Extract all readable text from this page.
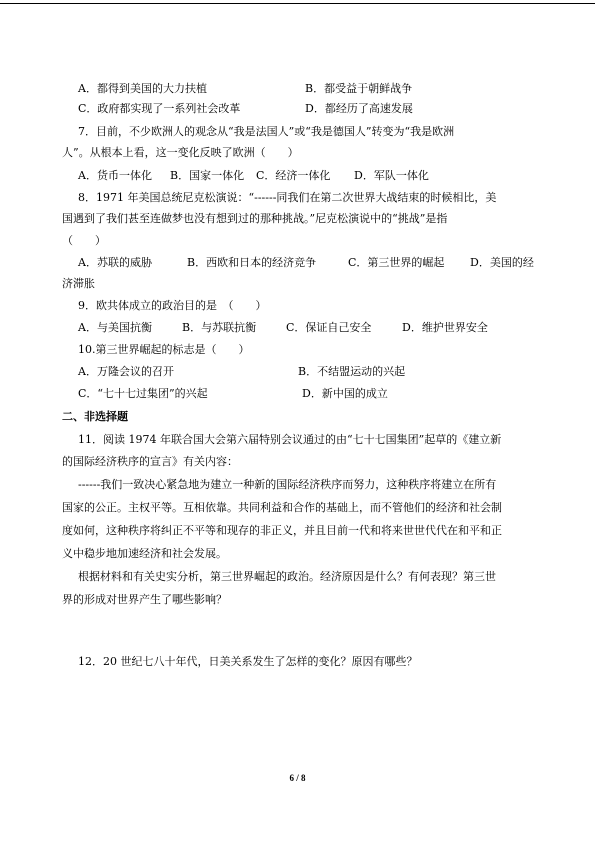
A．都得到美国的大力扶植	B．都受益于朝鲜战争
C．政府都实现了一系列社会改革	D．都经历了高速发展
7．目前，不少欧洲人的观念从“我是法国人”或“我是德国人”转变为“我是欧洲
人”。从根本上看，这一变化反映了欧洲（　　）
A．货币一体化 B．国家一体化 C．经济一体化 D．军队一体化
8．1971 年美国总统尼克松演说：“------同我们在第二次世界大战结束的时候相比，美
国遇到了我们甚至连做梦也没有想到过的那种挑战。”尼克松演说中的“挑战”是指
（　　）
A．苏联的威胁	B．西欧和日本的经济竞争	C．第三世界的崛起 D．美国的经
济滞胀
9．欧共体成立的政治目的是　（　　）
A．与美国抗衡	B．与苏联抗衡	C．保证自己安全	D．维护世界安全
10.第三世界崛起的标志是（　　）
A．万隆会议的召开	B．不结盟运动的兴起
C．“七十七过集团”的兴起	D．新中国的成立
二、非选择题
11．阅读 1974 年联合国大会第六届特别会议通过的由“七十七国集团”起草的《建立新
的国际经济秩序的宣言》有关内容：
------我们一致决心紧急地为建立一种新的国际经济秩序而努力，这种秩序将建立在所有
国家的公正。主权平等。互相依靠。共同利益和合作的基础上，而不管他们的经济和社会制
度如何，这种秩序将纠正不平等和现存的非正义，并且目前一代和将来世世代代在和平和正
义中稳步地加速经济和社会发展。
根据材料和有关史实分析，第三世界崛起的政治。经济原因是什么？有何表现？第三世
界的形成对世界产生了哪些影响？
12．20 世纪七八十年代，日美关系发生了怎样的变化？原因有哪些？
6 / 8
